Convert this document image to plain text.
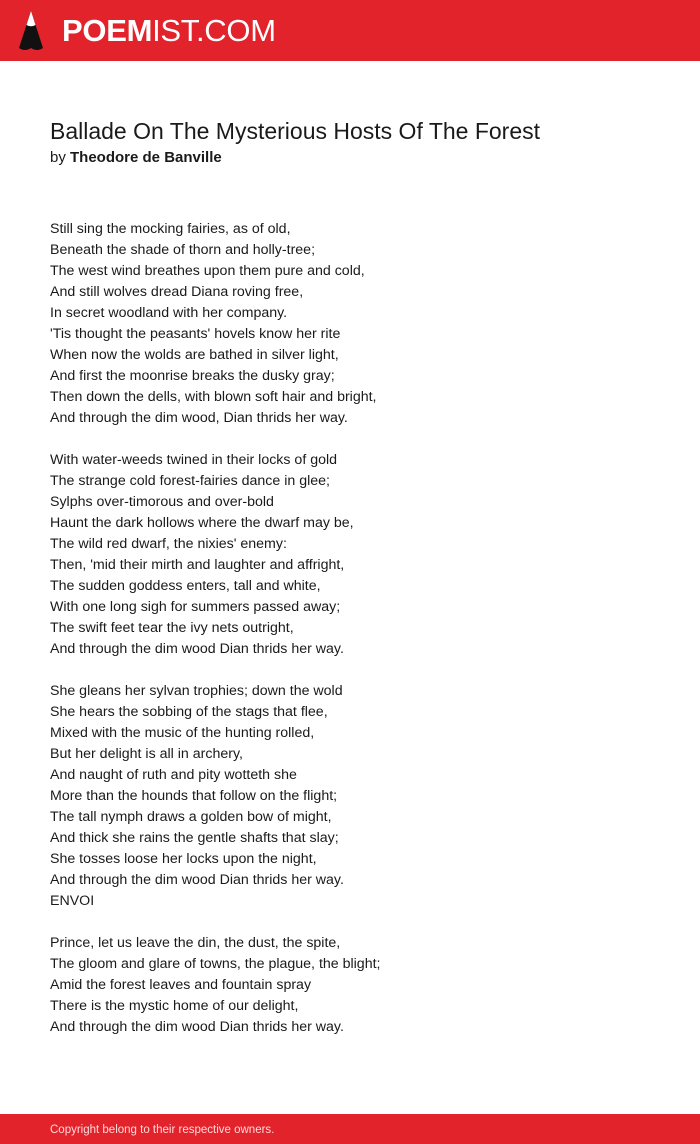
POEMIST.COM
Ballade On The Mysterious Hosts Of The Forest
by Theodore de Banville
Still sing the mocking fairies, as of old,
Beneath the shade of thorn and holly-tree;
The west wind breathes upon them pure and cold,
And still wolves dread Diana roving free,
In secret woodland with her company.
'Tis thought the peasants' hovels know her rite
When now the wolds are bathed in silver light,
And first the moonrise breaks the dusky gray;
Then down the dells, with blown soft hair and bright,
And through the dim wood, Dian thrids her way.
With water-weeds twined in their locks of gold
The strange cold forest-fairies dance in glee;
Sylphs over-timorous and over-bold
Haunt the dark hollows where the dwarf may be,
The wild red dwarf, the nixies' enemy:
Then, 'mid their mirth and laughter and affright,
The sudden goddess enters, tall and white,
With one long sigh for summers passed away;
The swift feet tear the ivy nets outright,
And through the dim wood Dian thrids her way.
She gleans her sylvan trophies; down the wold
She hears the sobbing of the stags that flee,
Mixed with the music of the hunting rolled,
But her delight is all in archery,
And naught of ruth and pity wotteth she
More than the hounds that follow on the flight;
The tall nymph draws a golden bow of might,
And thick she rains the gentle shafts that slay;
She tosses loose her locks upon the night,
And through the dim wood Dian thrids her way.
ENVOI
Prince, let us leave the din, the dust, the spite,
The gloom and glare of towns, the plague, the blight;
Amid the forest leaves and fountain spray
There is the mystic home of our delight,
And through the dim wood Dian thrids her way.
Copyright belong to their respective owners.
